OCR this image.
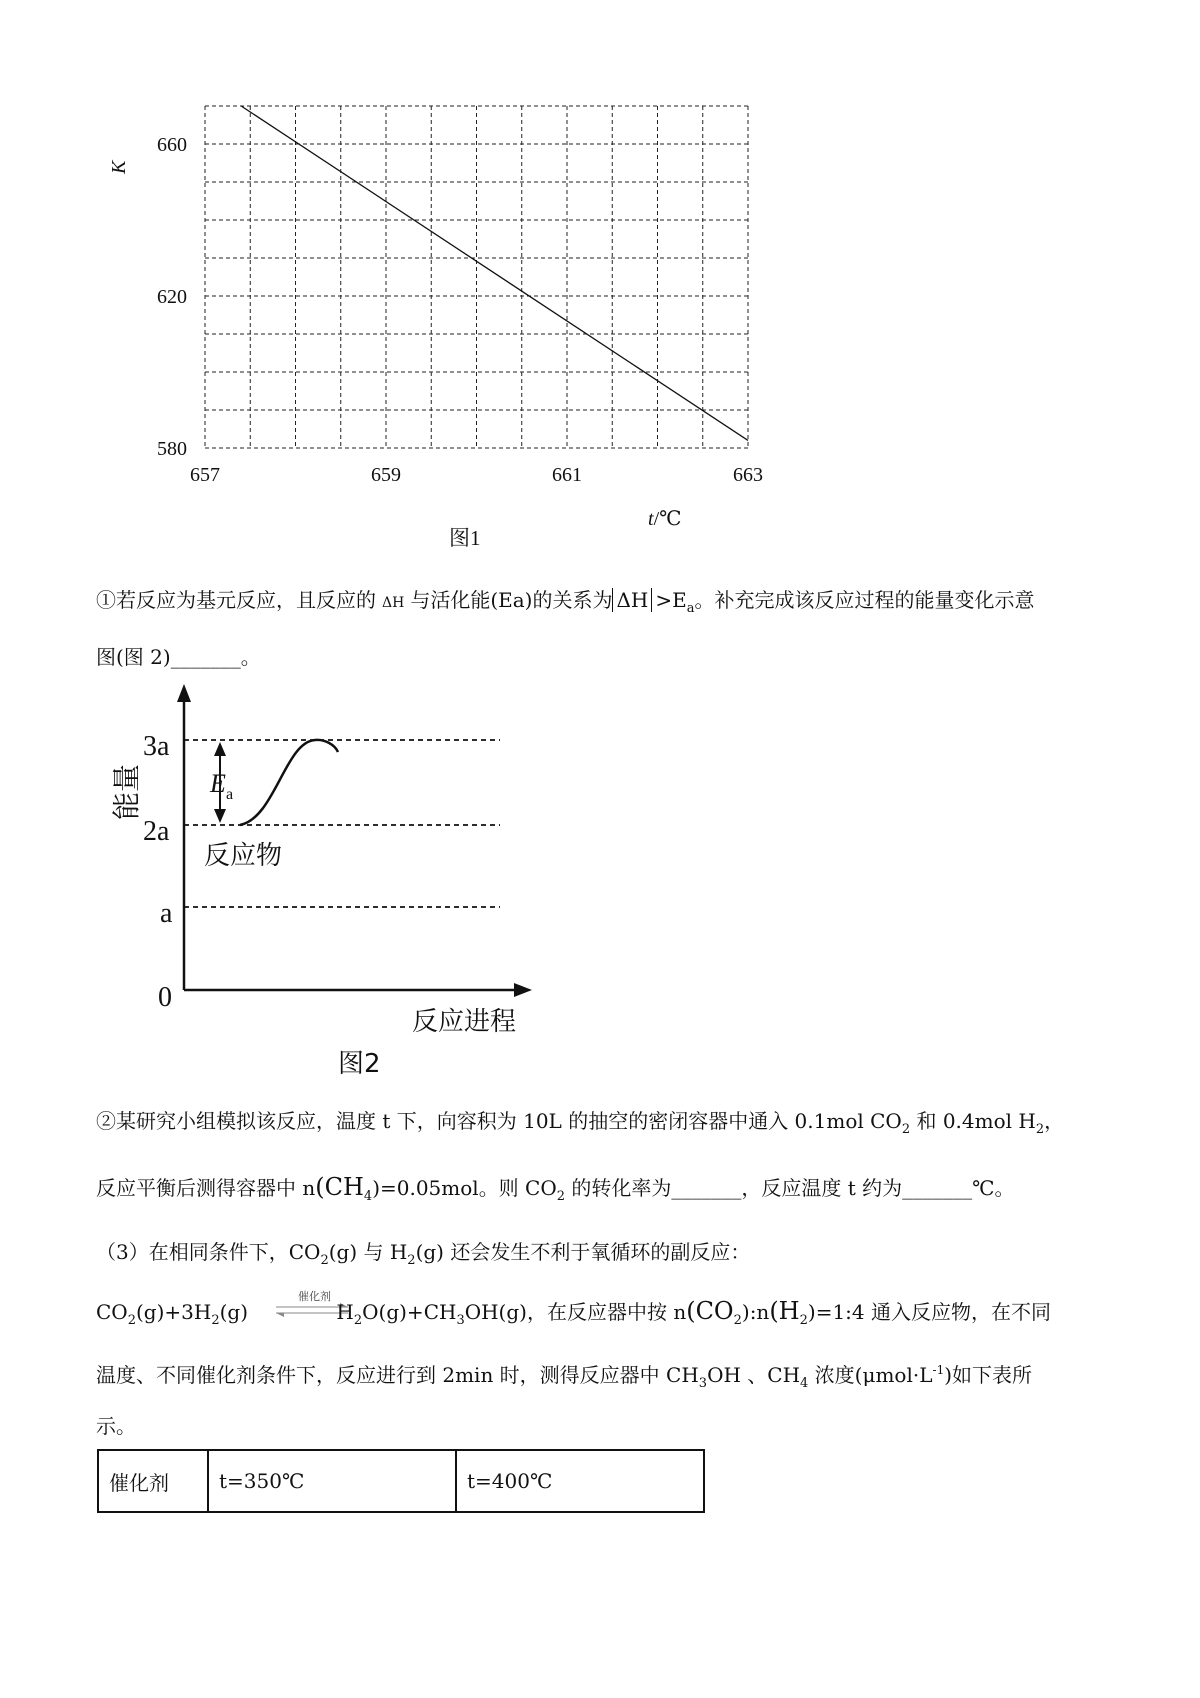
580
620
660
657	659	661	663
K
t/℃
图1
①若反应为基元反应，且反应的 ΔH 与活化能(Ea)的关系为 $\Delta H >E_a$。补充完成该反应过程的能量变化示意
图(图 2)_______。
3a
2a
a
0
E a
能量
反应物
反应进程
图2
②某研究小组模拟该反应，温度 t 下，向容积为 10L 的抽空的密闭容器中通入 0.1mol $CO_2$ 和 0.4mol $H_2$，
反应平衡后测得容器中 $n(CH_4)=0.05mol$。则 $CO_2$ 的转化率为_______，反应温度 t 约为_______℃。
（3）在相同条件下，$CO_2(g)$ 与 $H_2(g)$ 还会发生不利于氧循环的副反应：
催化剂
$CO_2(g)+3H_2(g)$	$H_2O(g)+CH_3OH(g)$，在反应器中按 $n(CO_2):n(H_2)=1:4$ 通入反应物，在不同
温度、不同催化剂条件下，反应进行到 2min 时，测得反应器中 $CH_3OH$ 、$CH_4$ 浓度$(\mu mol\cdot L^{-1})$如下表所
示。
催化剂	t=350℃	t=400℃
